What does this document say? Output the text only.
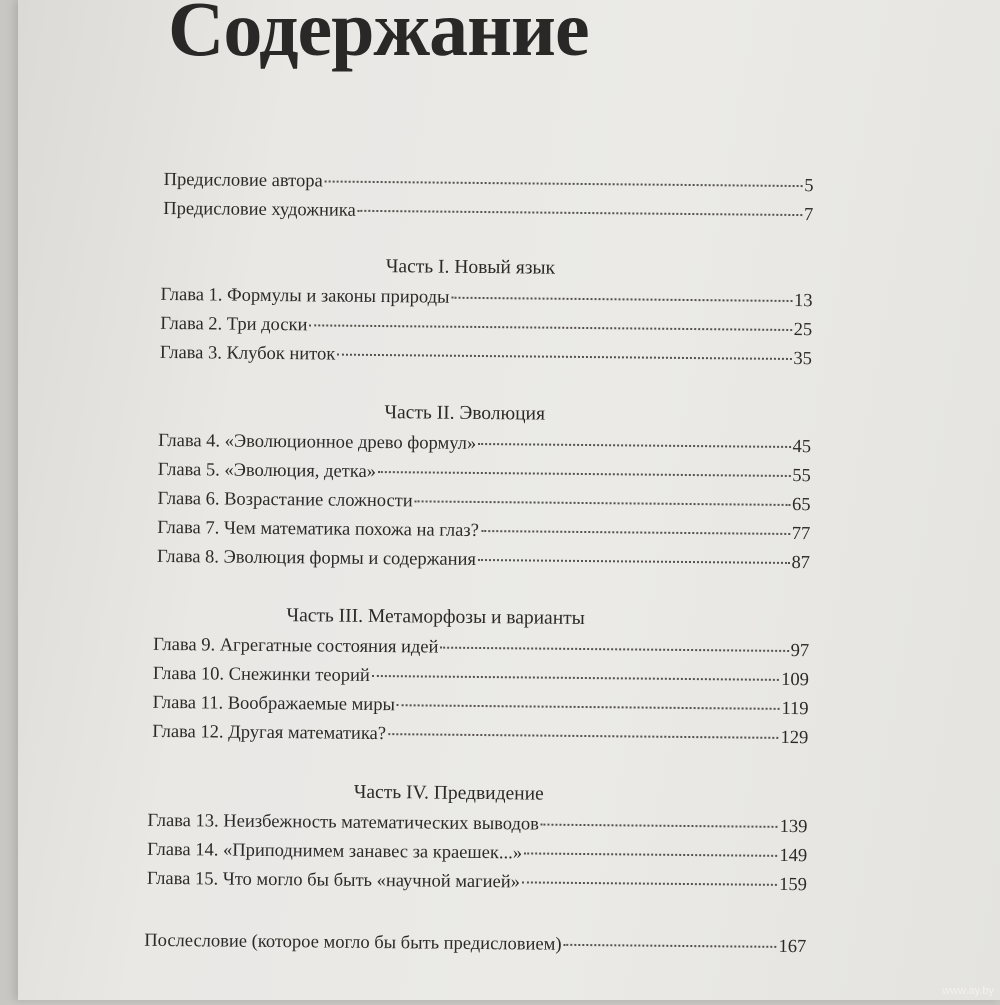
Содержание
Предисловие автора	5
Предисловие художника	7
Часть I. Новый язык
Глава 1. Формулы и законы природы	13
Глава 2. Три доски	25
Глава 3. Клубок ниток	35
Часть II. Эволюция
Глава 4. «Эволюционное древо формул»	45
Глава 5. «Эволюция, детка»	55
Глава 6. Возрастание сложности	65
Глава 7. Чем математика похожа на глаз?	77
Глава 8. Эволюция формы и содержания	87
Часть III. Метаморфозы и варианты
Глава 9. Агрегатные состояния идей	97
Глава 10. Снежинки теорий	109
Глава 11. Воображаемые миры	119
Глава 12. Другая математика?	129
Часть IV. Предвидение
Глава 13. Неизбежность математических выводов	139
Глава 14. «Приподнимем занавес за краешек...»	149
Глава 15. Что могло бы быть «научной магией»	159
Послесловие (которое могло бы быть предисловием)	167
www.ay.by
